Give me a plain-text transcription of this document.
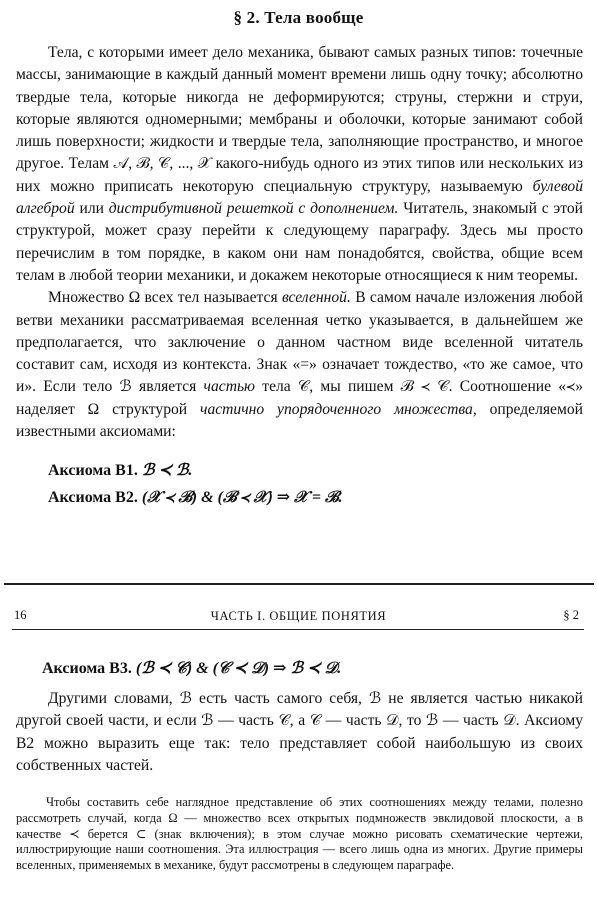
§ 2. Тела вообще

Тела, с которыми имеет дело механика, бывают самых разных типов: точечные массы, занимающие в каждый данный момент времени лишь одну точку; абсолютно твердые тела, которые никогда не деформируются; струны, стержни и струи, которые являются одномерными; мембраны и оболочки, которые занимают собой лишь поверхности; жидкости и твердые тела, заполняющие пространство, и многое другое. Телам 𝒜, ℬ, 𝒞, ..., 𝒳 какого-нибудь одного из этих типов или нескольких из них можно приписать некоторую специальную структуру, называемую булевой алгеброй или дистрибутивной решеткой с дополнением. Читатель, знакомый с этой структурой, может сразу перейти к следующему параграфу. Здесь мы просто перечислим в том порядке, в каком они нам понадобятся, свойства, общие всем телам в любой теории механики, и докажем некоторые относящиеся к ним теоремы.

Множество Ω всех тел называется вселенной. В самом начале изложения любой ветви механики рассматриваемая вселенная четко указывается, в дальнейшем же предполагается, что заключение о данном частном виде вселенной читатель составит сам, исходя из контекста. Знак «=» означает тождество, «то же самое, что и». Если тело ℬ является частью тела 𝒞, мы пишем ℬ ≺ 𝒞. Соотношение «≺» наделяет Ω структурой частично упорядоченного множества, определяемой известными аксиомами:

Аксиома B1. ℬ ≺ ℬ.

Аксиома B2. (𝒳 ≺ ℬ) & (ℬ ≺ 𝒳) ⇒ 𝒳 = ℬ.

16	ЧАСТЬ I. ОБЩИЕ ПОНЯТИЯ	§ 2

Аксиома B3. (ℬ ≺ 𝒞) & (𝒞 ≺ 𝒟) ⇒ ℬ ≺ 𝒟.

Другими словами, ℬ есть часть самого себя, ℬ не является частью никакой другой своей части, и если ℬ — часть 𝒞, а 𝒞 — часть 𝒟, то ℬ — часть 𝒟. Аксиому B2 можно выразить еще так: тело представляет собой наибольшую из своих собственных частей.

Чтобы составить себе наглядное представление об этих соотношениях между телами, полезно рассмотреть случай, когда Ω — множество всех открытых подмножеств эвклидовой плоскости, а в качестве ≺ берется ⊂ (знак включения); в этом случае можно рисовать схематические чертежи, иллюстрирующие наши соотношения. Эта иллюстрация — всего лишь одна из многих. Другие примеры вселенных, применяемых в механике, будут рассмотрены в следующем параграфе.
